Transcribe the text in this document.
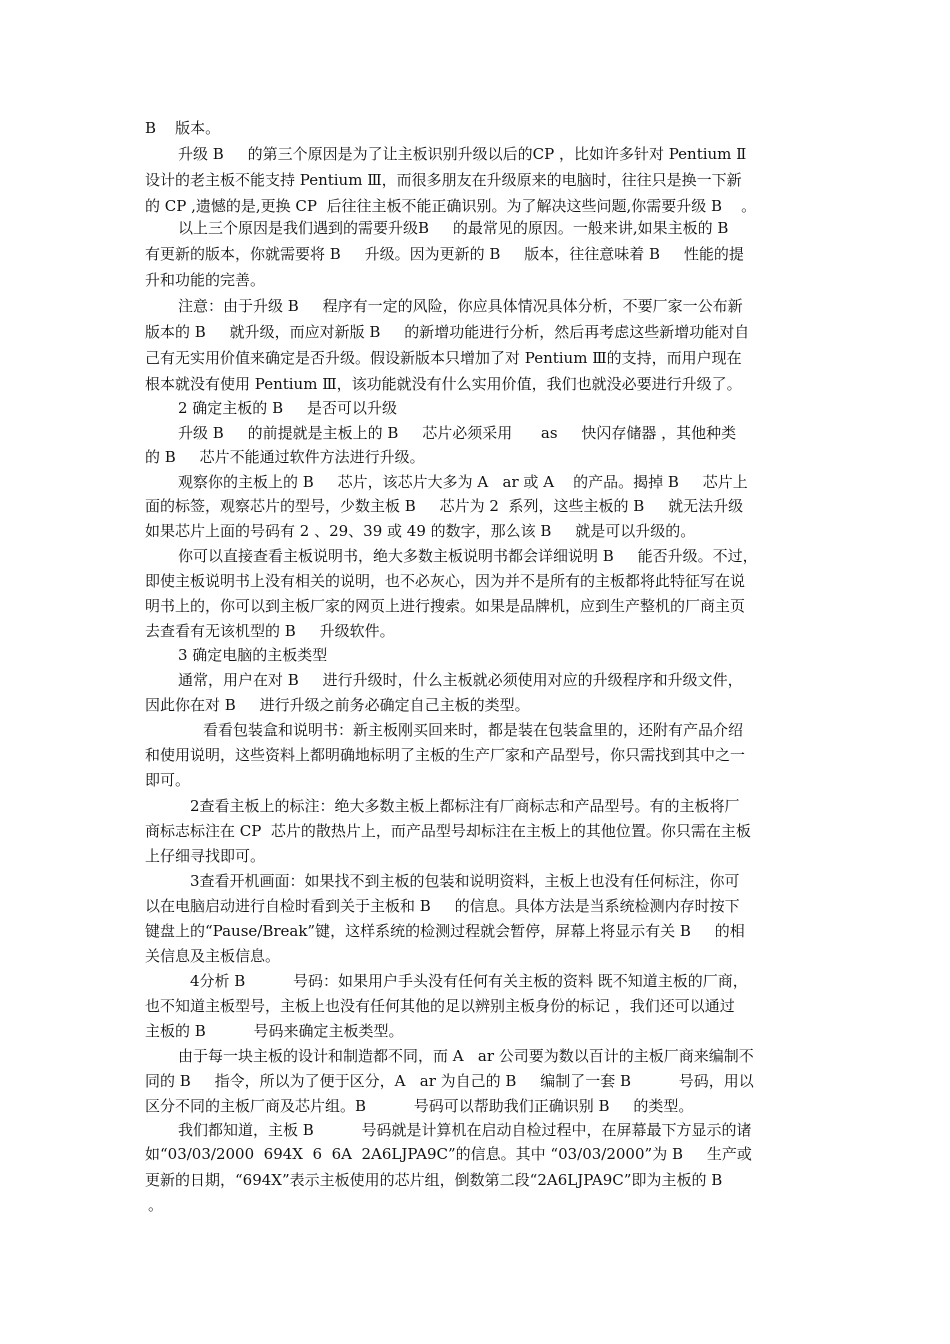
B    版本。
升级 B     的第三个原因是为了让主板识别升级以后的CP ，比如许多针对 Pentium Ⅱ
设计的老主板不能支持 Pentium Ⅲ，而很多朋友在升级原来的电脑时，往往只是换一下新
的 CP ,遗憾的是,更换 CP  后往往主板不能正确识别。为了解决这些问题,你需要升级 B    。
以上三个原因是我们遇到的需要升级B     的最常见的原因。一般来讲,如果主板的 B
有更新的版本，你就需要将 B     升级。因为更新的 B     版本，往往意味着 B     性能的提
升和功能的完善。
注意：由于升级 B     程序有一定的风险，你应具体情况具体分析，不要厂家一公布新
版本的 B     就升级，而应对新版 B     的新增功能进行分析，然后再考虑这些新增功能对自
己有无实用价值来确定是否升级。假设新版本只增加了对 Pentium Ⅲ的支持，而用户现在
根本就没有使用 Pentium Ⅲ，该功能就没有什么实用价值，我们也就没必要进行升级了。
2 确定主板的 B     是否可以升级
升级 B     的前提就是主板上的 B     芯片必须采用      as     快闪存储器 ，其他种类
的 B     芯片不能通过软件方法进行升级。
观察你的主板上的 B     芯片，该芯片大多为 A   ar 或 A    的产品。揭掉 B     芯片上
面的标签，观察芯片的型号，少数主板 B     芯片为 2  系列，这些主板的 B     就无法升级
如果芯片上面的号码有 2 、29、39 或 49 的数字，那么该 B     就是可以升级的。
你可以直接查看主板说明书，绝大多数主板说明书都会详细说明 B     能否升级。不过，
即使主板说明书上没有相关的说明，也不必灰心，因为并不是所有的主板都将此特征写在说
明书上的，你可以到主板厂家的网页上进行搜索。如果是品牌机，应到生产整机的厂商主页
去查看有无该机型的 B     升级软件。
3 确定电脑的主板类型
通常，用户在对 B     进行升级时，什么主板就必须使用对应的升级程序和升级文件，
因此你在对 B     进行升级之前务必确定自己主板的类型。
看看包装盒和说明书：新主板刚买回来时，都是装在包装盒里的，还附有产品介绍
和使用说明，这些资料上都明确地标明了主板的生产厂家和产品型号，你只需找到其中之一
即可。
2查看主板上的标注：绝大多数主板上都标注有厂商标志和产品型号。有的主板将厂
商标志标注在 CP  芯片的散热片上，而产品型号却标注在主板上的其他位置。你只需在主板
上仔细寻找即可。
3查看开机画面：如果找不到主板的包装和说明资料，主板上也没有任何标注，你可
以在电脑启动进行自检时看到关于主板和 B     的信息。具体方法是当系统检测内存时按下
键盘上的“Pause/Break”键，这样系统的检测过程就会暂停，屏幕上将显示有关 B     的相
关信息及主板信息。
4分析 B          号码：如果用户手头没有任何有关主板的资料 既不知道主板的厂商，
也不知道主板型号，主板上也没有任何其他的足以辨别主板身份的标记 ，我们还可以通过
主板的 B          号码来确定主板类型。
由于每一块主板的设计和制造都不同，而 A   ar 公司要为数以百计的主板厂商来编制不
同的 B     指令，所以为了便于区分，A   ar 为自己的 B     编制了一套 B          号码，用以
区分不同的主板厂商及芯片组。B          号码可以帮助我们正确识别 B     的类型。
我们都知道，主板 B          号码就是计算机在启动自检过程中，在屏幕最下方显示的诸
如“03/03/2000  694X  6  6A  2A6LJPA9C”的信息。其中 “03/03/2000”为 B     生产或
更新的日期，“694X”表示主板使用的芯片组，倒数第二段“2A6LJPA9C”即为主板的 B
。
